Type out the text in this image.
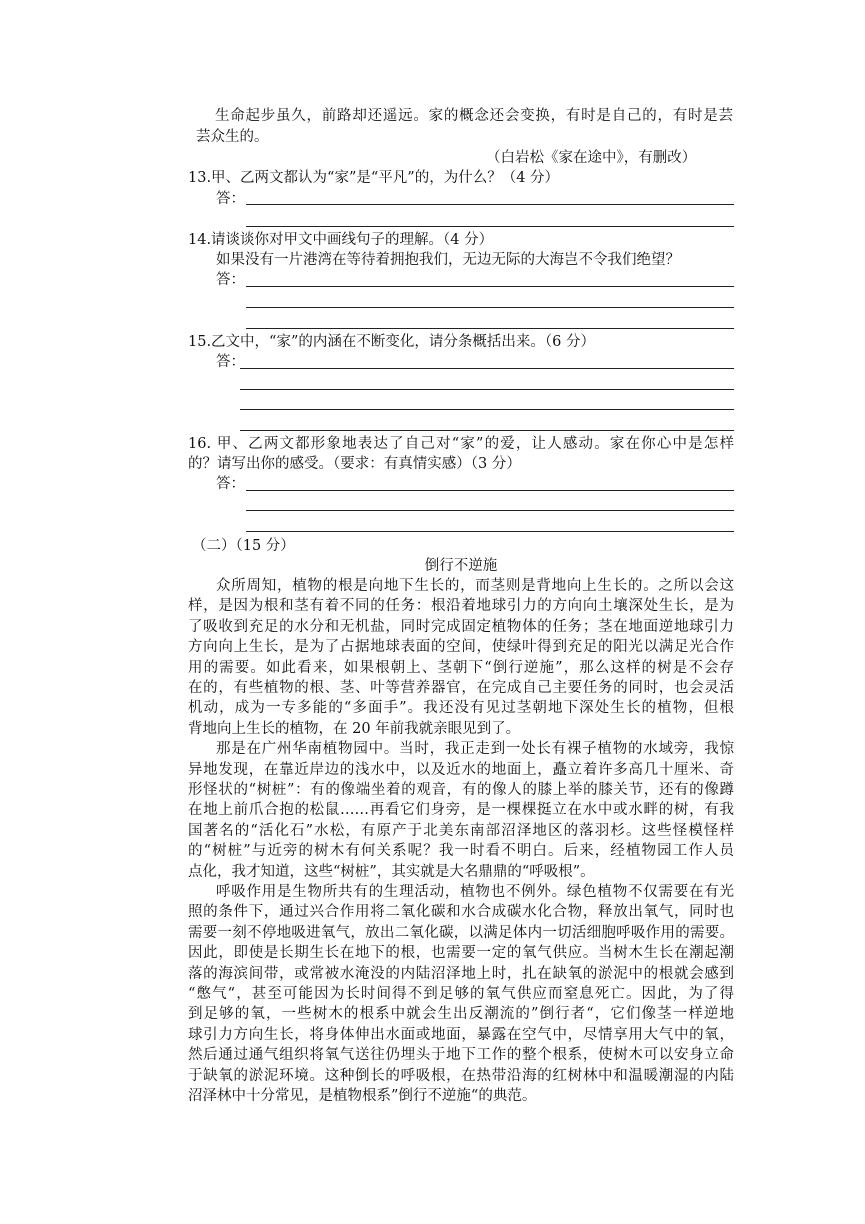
生命起步虽久，前路却还遥远。家的概念还会变换，有时是自己的，有时是芸
芸众生的。
（白岩松《家在途中》，有删改）
13.甲、乙两文都认为“家”是“平凡”的，为什么？（4 分）
答：
14.请谈谈你对甲文中画线句子的理解。（4 分）
如果没有一片港湾在等待着拥抱我们，无边无际的大海岂不令我们绝望？
答：
15.乙文中，“家”的内涵在不断变化，请分条概括出来。（6 分）
答：
16. 甲、乙两文都形象地表达了自己对“家”的爱，让人感动。家在你心中是怎样
的？请写出你的感受。（要求：有真情实感）（3 分）
答：
（二）（15 分）
倒行不逆施
众所周知，植物的根是向地下生长的，而茎则是背地向上生长的。之所以会这
样，是因为根和茎有着不同的任务：根沿着地球引力的方向向土壤深处生长，是为
了吸收到充足的水分和无机盐，同时完成固定植物体的任务；茎在地面逆地球引力
方向向上生长，是为了占据地球表面的空间，使绿叶得到充足的阳光以满足光合作
用的需要。如此看来，如果根朝上、茎朝下“倒行逆施”，那么这样的树是不会存
在的，有些植物的根、茎、叶等营养器官，在完成自己主要任务的同时，也会灵活
机动，成为一专多能的“多面手”。我还没有见过茎朝地下深处生长的植物，但根
背地向上生长的植物，在 20 年前我就亲眼见到了。
那是在广州华南植物园中。当时，我正走到一处长有裸子植物的水域旁，我惊
异地发现，在靠近岸边的浅水中，以及近水的地面上，矗立着许多高几十厘米、奇
形怪状的“树桩”：有的像端坐着的观音，有的像人的膝上举的膝关节，还有的像蹲
在地上前爪合抱的松鼠……再看它们身旁，是一棵棵挺立在水中或水畔的树，有我
国著名的“活化石”水松，有原产于北美东南部沼泽地区的落羽杉。这些怪模怪样
的“树桩”与近旁的树木有何关系呢？我一时看不明白。后来，经植物园工作人员
点化，我才知道，这些“树桩”，其实就是大名鼎鼎的“呼吸根”。
呼吸作用是生物所共有的生理活动，植物也不例外。绿色植物不仅需要在有光
照的条件下，通过兴合作用将二氧化碳和水合成碳水化合物，释放出氧气，同时也
需要一刻不停地吸进氧气，放出二氧化碳，以满足体内一切活细胞呼吸作用的需要。
因此，即使是长期生长在地下的根，也需要一定的氧气供应。当树木生长在潮起潮
落的海滨间带，或常被水淹没的内陆沼泽地上时，扎在缺氧的淤泥中的根就会感到
“憋气“，甚至可能因为长时间得不到足够的氧气供应而窒息死亡。因此，为了得
到足够的氧，一些树木的根系中就会生出反潮流的”倒行者“，它们像茎一样逆地
球引力方向生长，将身体伸出水面或地面，暴露在空气中，尽情享用大气中的氧，
然后通过通气组织将氧气送往仍埋头于地下工作的整个根系，使树木可以安身立命
于缺氧的淤泥环境。这种倒长的呼吸根，在热带沿海的红树林中和温暖潮湿的内陆
沼泽林中十分常见，是植物根系”倒行不逆施“的典范。
